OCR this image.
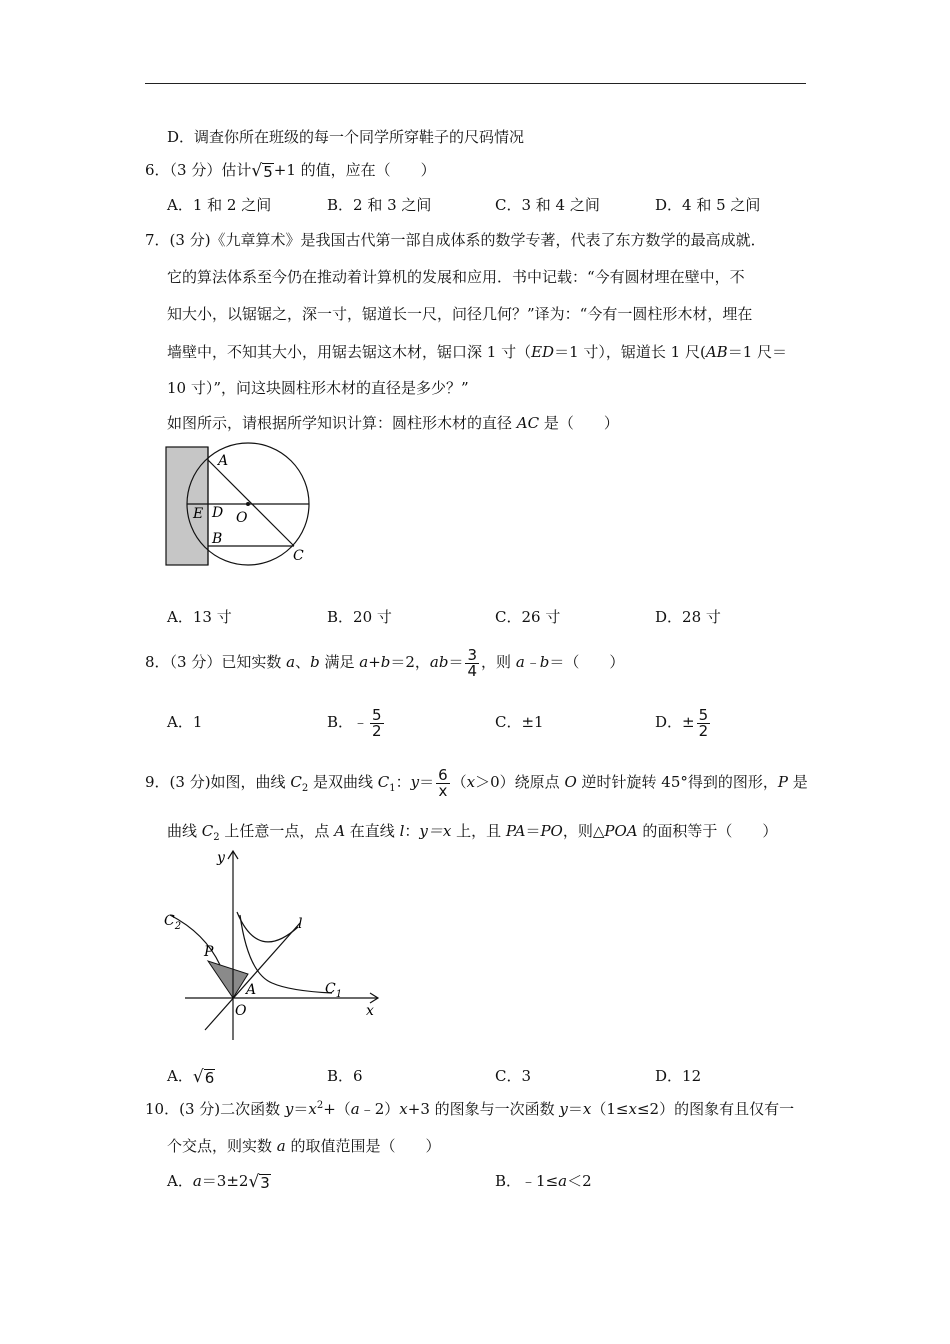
D．调查你所在班级的每一个同学所穿鞋子的尺码情况
6．（3 分）估计 √ 5 +1 的值，应在（　　）
A．1 和 2 之间	B．2 和 3 之间	C．3 和 4 之间	D．4 和 5 之间
7．(3 分)《九章算术》是我国古代第一部自成体系的数学专著，代表了东方数学的最高成就．
它的算法体系至今仍在推动着计算机的发展和应用．书中记载：“今有圆材埋在壁中，不
知大小，以锯锯之，深一寸，锯道长一尺，问径几何？”译为：“今有一圆柱形木材，埋在
墙壁中，不知其大小，用锯去锯这木材，锯口深 1 寸（ED＝1 寸），锯道长 1 尺(AB＝1 尺＝
10 寸）”，问这块圆柱形木材的直径是多少？”
如图所示，请根据所学知识计算：圆柱形木材的直径 AC 是（　　）
A
E D O
B
C
A．13 寸	B．20 寸	C．26 寸	D．28 寸
8．（3 分）已知实数 a、b 满足 a+b＝2，$ab= \frac{3}{4}$ ，则 a﹣b＝（　　）
A．1	B．﹣ $\frac{5}{2}$	C．±1	D．± $\frac{5}{2}$
9．(3 分)如图，曲线 $C_2$ 是双曲线 $C_1$：$y= \frac{6}{x} (x>0)$绕原点 O 逆时针旋转 45°得到的图形，P 是
曲线 $C_2$ 上任意一点，点 A 在直线 l：y＝x 上，且 PA＝PO，则△POA 的面积等于（　　）
y
x
$C_2$
$C_1$
l
P
A
O
A． √ 6	B．6	C．3	D．12
10．(3 分)二次函数 $y=x^2+(a﹣2)x+3$ 的图象与一次函数 y＝x（1≤x≤2）的图象有且仅有一
个交点，则实数 a 的取值范围是（　　）
A．a＝3±2 √ 3	B．﹣1≤a＜2
